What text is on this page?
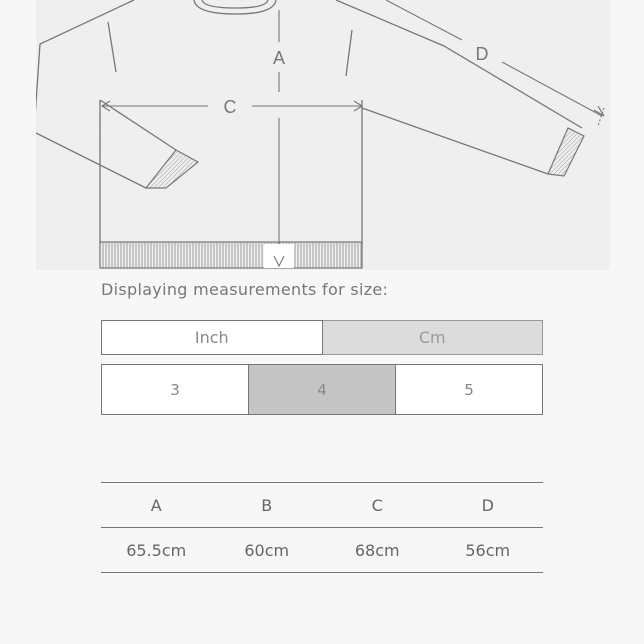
A
C
D
Displaying measurements for size:
Inch	Cm
3	4	5
A	B	C	D
65.5cm	60cm	68cm	56cm
